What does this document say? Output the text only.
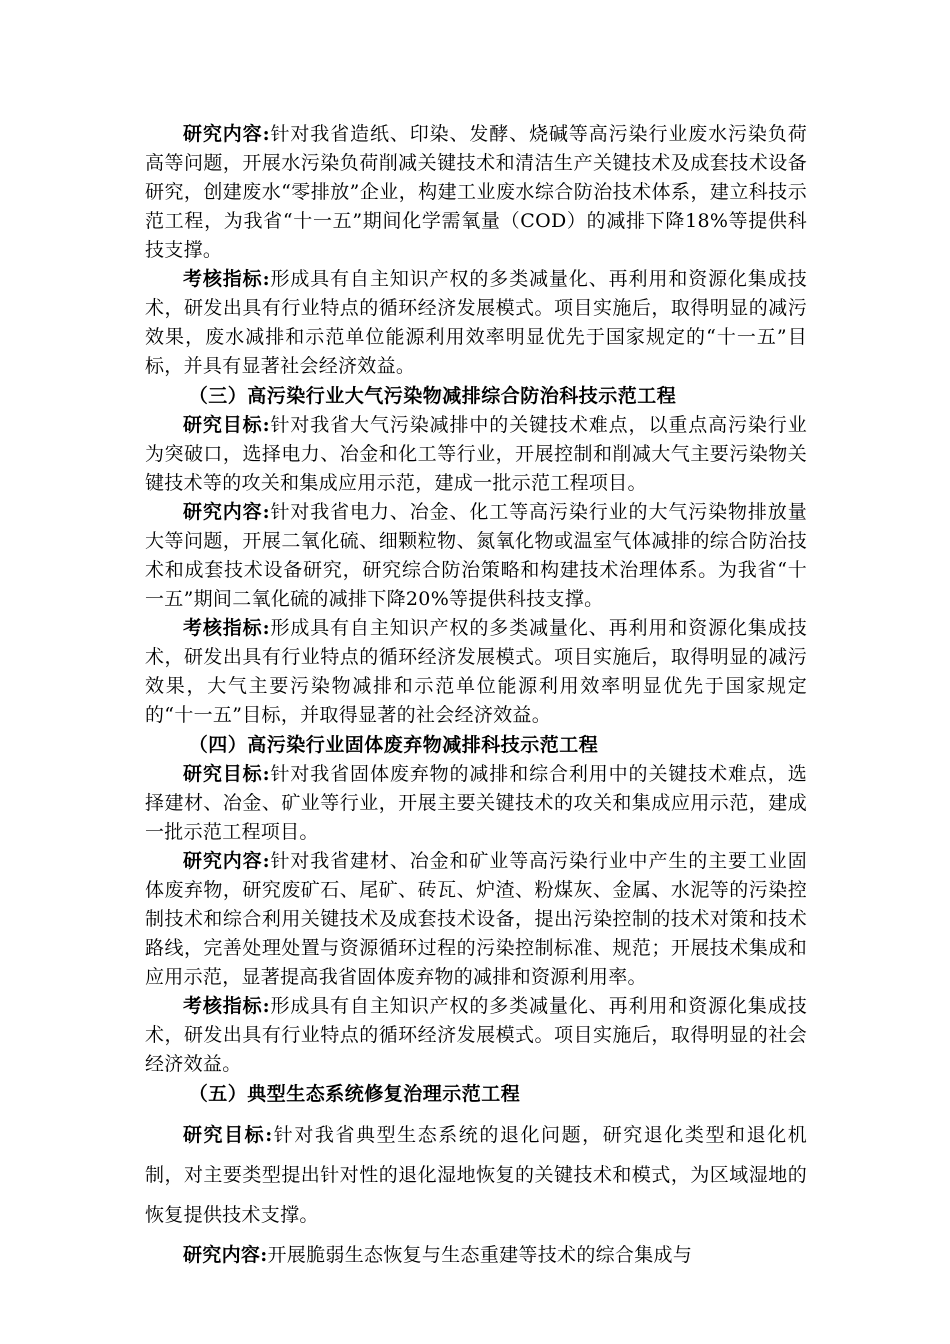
研究内容:针对我省造纸、印染、发酵、烧碱等高污染行业废水污染负荷高等问题，开展水污染负荷削减关键技术和清洁生产关键技术及成套技术设备研究，创建废水“零排放”企业，构建工业废水综合防治技术体系，建立科技示范工程，为我省“十一五”期间化学需氧量（COD）的减排下降18%等提供科技支撑。

考核指标:形成具有自主知识产权的多类减量化、再利用和资源化集成技术，研发出具有行业特点的循环经济发展模式。项目实施后，取得明显的减污效果，废水减排和示范单位能源利用效率明显优先于国家规定的“十一五”目标，并具有显著社会经济效益。

（三）高污染行业大气污染物减排综合防治科技示范工程

研究目标:针对我省大气污染减排中的关键技术难点，以重点高污染行业为突破口，选择电力、冶金和化工等行业，开展控制和削减大气主要污染物关键技术等的攻关和集成应用示范，建成一批示范工程项目。

研究内容:针对我省电力、冶金、化工等高污染行业的大气污染物排放量大等问题，开展二氧化硫、细颗粒物、氮氧化物或温室气体减排的综合防治技术和成套技术设备研究，研究综合防治策略和构建技术治理体系。为我省“十一五”期间二氧化硫的减排下降20%等提供科技支撑。

考核指标:形成具有自主知识产权的多类减量化、再利用和资源化集成技术，研发出具有行业特点的循环经济发展模式。项目实施后，取得明显的减污效果，大气主要污染物减排和示范单位能源利用效率明显优先于国家规定的“十一五”目标，并取得显著的社会经济效益。

（四）高污染行业固体废弃物减排科技示范工程

研究目标:针对我省固体废弃物的减排和综合利用中的关键技术难点，选择建材、冶金、矿业等行业，开展主要关键技术的攻关和集成应用示范，建成一批示范工程项目。

研究内容:针对我省建材、冶金和矿业等高污染行业中产生的主要工业固体废弃物，研究废矿石、尾矿、砖瓦、炉渣、粉煤灰、金属、水泥等的污染控制技术和综合利用关键技术及成套技术设备，提出污染控制的技术对策和技术路线，完善处理处置与资源循环过程的污染控制标准、规范；开展技术集成和应用示范，显著提高我省固体废弃物的减排和资源利用率。

考核指标:形成具有自主知识产权的多类减量化、再利用和资源化集成技术，研发出具有行业特点的循环经济发展模式。项目实施后，取得明显的社会经济效益。

（五）典型生态系统修复治理示范工程

研究目标:针对我省典型生态系统的退化问题，研究退化类型和退化机制，对主要类型提出针对性的退化湿地恢复的关键技术和模式，为区域湿地的恢复提供技术支撑。

研究内容:开展脆弱生态恢复与生态重建等技术的综合集成与
